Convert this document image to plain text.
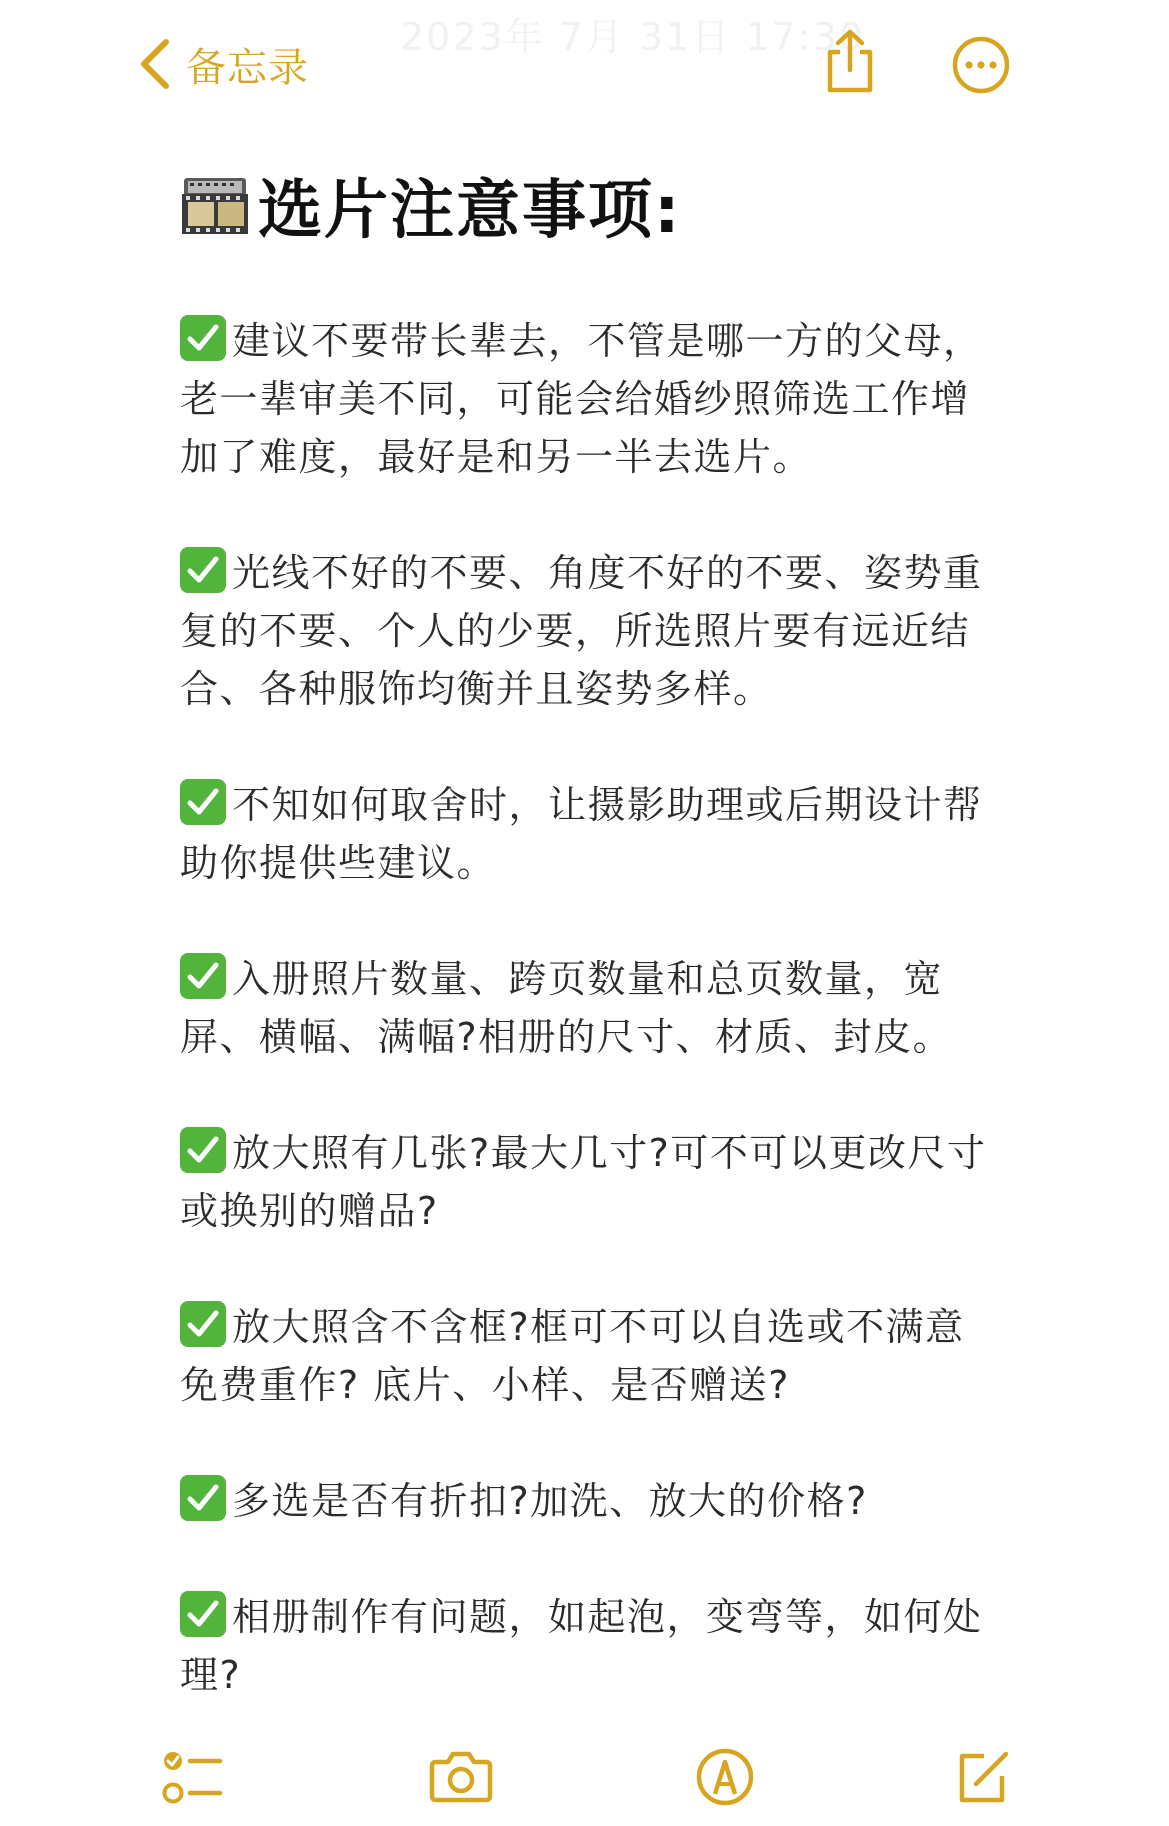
备忘录
2023年 7月 31日 17:30
选片注意事项:
建议不要带长辈去，不管是哪一方的父母，老一辈审美不同，可能会给婚纱照筛选工作增加了难度，最好是和另一半去选片。
光线不好的不要、角度不好的不要、姿势重复的不要、个人的少要，所选照片要有远近结合、各种服饰均衡并且姿势多样。
不知如何取舍时，让摄影助理或后期设计帮助你提供些建议。
入册照片数量、跨页数量和总页数量，宽屏、横幅、满幅?相册的尺寸、材质、封皮。
放大照有几张?最大几寸?可不可以更改尺寸或换别的赠品?
放大照含不含框?框可不可以自选或不满意免费重作? 底片、小样、是否赠送?
多选是否有折扣?加洗、放大的价格?
相册制作有问题，如起泡，变弯等，如何处理?
